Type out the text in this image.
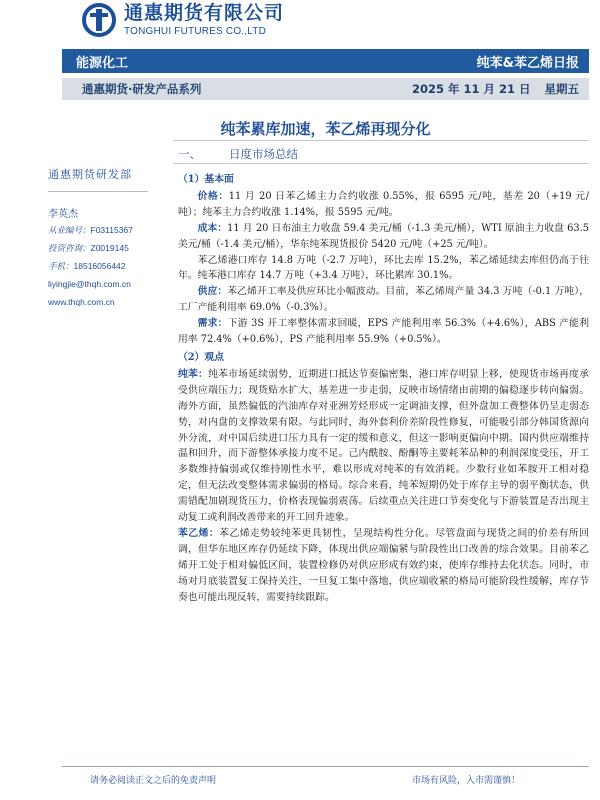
通惠期货有限公司
TONGHUI FUTURES CO.,LTD
能源化工	纯苯&苯乙烯日报
通惠期货·研发产品系列	2025 年 11 月 21 日 星期五
纯苯累库加速，苯乙烯再现分化
一、 日度市场总结
通惠期货研发部
李英杰
从业编号：F03115367
投资咨询：Z0019145
手机：18516056442
liyingjie@thqh.com.cn
www.thqh.com.cn
（1）基本面

价格：11 月 20 日苯乙烯主力合约收涨 0.55%，报 6595 元/吨，基差 20（+19 元/吨）；纯苯主力合约收涨 1.14%，报 5595 元/吨。

成本：11 月 20 日布油主力收盘 59.4 美元/桶（-1.3 美元/桶），WTI 原油主力收盘 63.5 美元/桶（-1.4 美元/桶），华东纯苯现货报价 5420 元/吨（+25 元/吨）。

苯乙烯港口库存 14.8 万吨（-2.7 万吨），环比去库 15.2%，苯乙烯延续去库但仍高于往年。纯苯港口库存 14.7 万吨（+3.4 万吨），环比累库 30.1%。

供应：苯乙烯开工率及供应环比小幅波动。目前，苯乙烯周产量 34.3 万吨（-0.1 万吨），工厂产能利用率 69.0%（-0.3%）。

需求：下游 3S 开工率整体需求回暖，EPS 产能利用率 56.3%（+4.6%），ABS 产能利用率 72.4%（+0.6%），PS 产能利用率 55.9%（+0.5%）。

（2）观点

纯苯：纯苯市场延续弱势，近期进口抵达节奏偏密集，港口库存明显上移，使现货市场再度承受供应端压力；现货贴水扩大、基差进一步走弱，反映市场情绪由前期的偏稳逐步转向偏弱。海外方面，虽然偏低的汽油库存对亚洲芳烃形成一定调油支撑，但外盘加工费整体仍呈走弱态势，对内盘的支撑效果有限。与此同时，海外套利价差阶段性修复，可能吸引部分韩国货源向外分流，对中国后续进口压力具有一定的缓和意义，但这一影响更偏向中期。国内供应端维持温和回升，而下游整体承接力度不足。己内酰胺、酚酮等主要耗苯品种的利润深度受压，开工多数维持偏弱或仅维持刚性水平，难以形成对纯苯的有效消耗。少数行业如苯胺开工相对稳定，但无法改变整体需求偏弱的格局。综合来看，纯苯短期仍处于库存主导的弱平衡状态，供需错配加剧现货压力，价格表现偏弱震荡。后续重点关注进口节奏变化与下游装置是否出现主动复工或利润改善带来的开工回升迹象。

苯乙烯：苯乙烯走势较纯苯更具韧性，呈现结构性分化。尽管盘面与现货之间的价差有所回调，但华东地区库存仍延续下降，体现出供应端偏紧与阶段性出口改善的综合效果。目前苯乙烯开工处于相对偏低区间，装置检修仍对供应形成有效约束，使库存维持去化状态。同时，市场对月底装置复工保持关注，一旦复工集中落地，供应端收紧的格局可能阶段性缓解，库存节奏也可能出现反转，需要持续跟踪。

请务必阅读正文之后的免责声明	市场有风险，入市需谨慎！
